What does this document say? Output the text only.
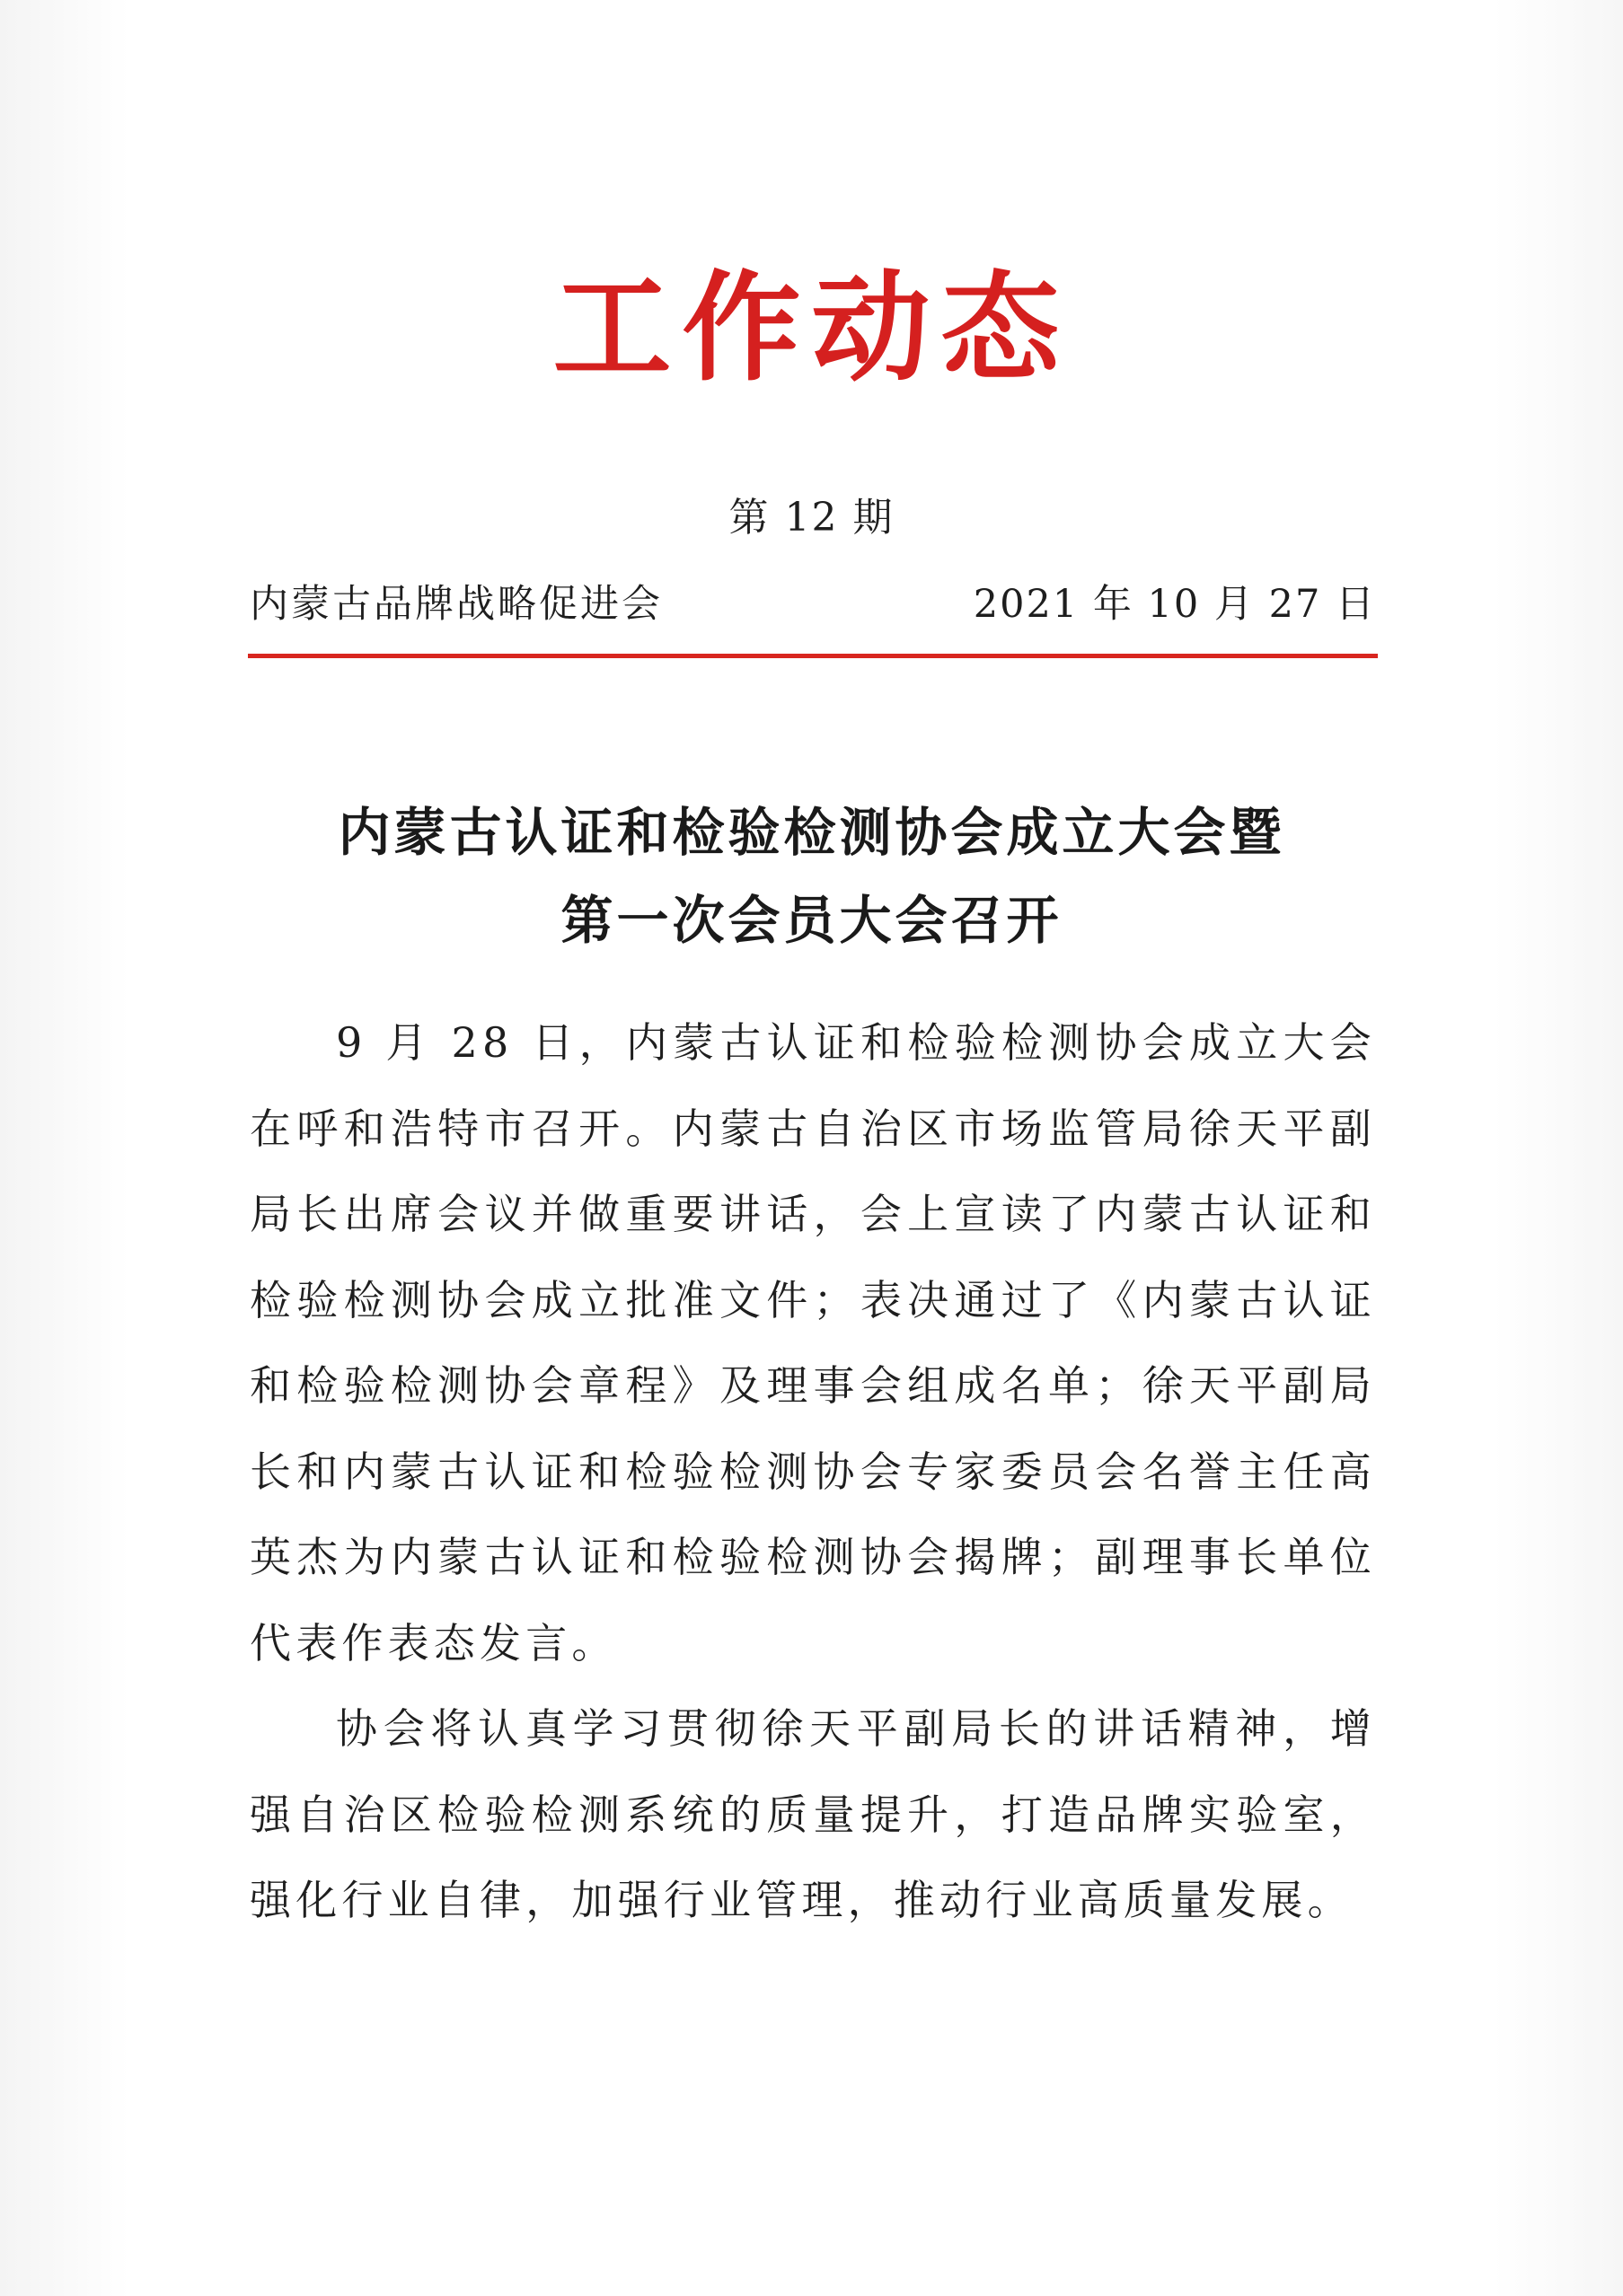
工作动态
第 12 期
内蒙古品牌战略促进会	2021 年 10 月 27 日
内蒙古认证和检验检测协会成立大会暨
第一次会员大会召开

9 月 28 日，内蒙古认证和检验检测协会成立大会在呼和浩特市召开。内蒙古自治区市场监管局徐天平副局长出席会议并做重要讲话，会上宣读了内蒙古认证和检验检测协会成立批准文件；表决通过了《内蒙古认证和检验检测协会章程》及理事会组成名单；徐天平副局长和内蒙古认证和检验检测协会专家委员会名誉主任高英杰为内蒙古认证和检验检测协会揭牌；副理事长单位代表作表态发言。

协会将认真学习贯彻徐天平副局长的讲话精神，增强自治区检验检测系统的质量提升，打造品牌实验室，强化行业自律，加强行业管理，推动行业高质量发展。
